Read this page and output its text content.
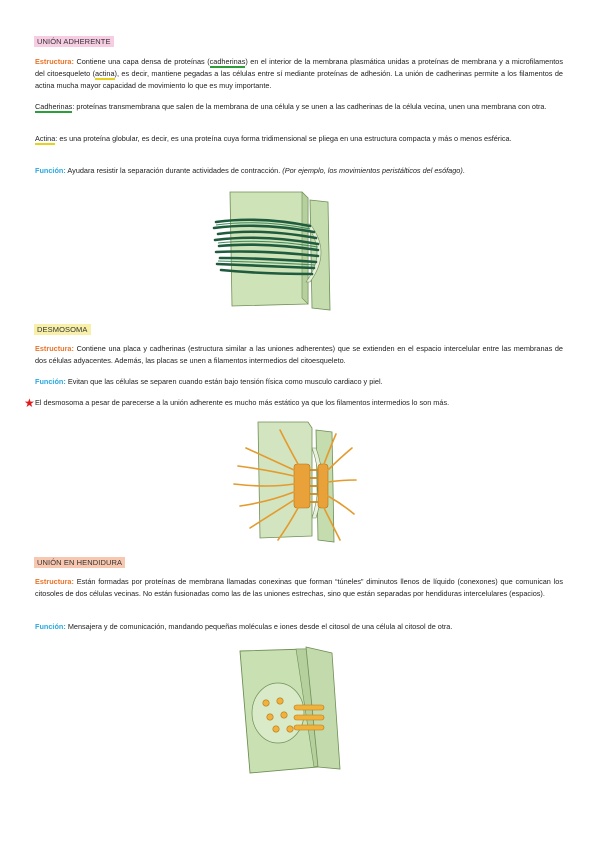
UNIÓN ADHERENTE
Estructura: Contiene una capa densa de proteínas (cadherinas) en el interior de la membrana plasmática unidas a proteínas de membrana y a microfilamentos del citoesqueleto (actina), es decir, mantiene pegadas a las células entre sí mediante proteínas de adhesión. La unión de cadherinas permite a los filamentos de actina mucha mayor capacidad de movimiento lo que es muy importante.
Cadherinas: proteínas transmembrana que salen de la membrana de una célula y se unen a las cadherinas de la célula vecina, unen una membrana con otra.
Actina: es una proteína globular, es decir, es una proteína cuya forma tridimensional se pliega en una estructura compacta y más o menos esférica.
Función: Ayudara resistir la separación durante actividades de contracción. (Por ejemplo, los movimientos peristálticos del esófago).
DESMOSOMA
Estructura: Contiene una placa y cadherinas (estructura similar a las uniones adherentes) que se extienden en el espacio intercelular entre las membranas de dos células adyacentes. Además, las placas se unen a filamentos intermedios del citoesqueleto.
Función: Evitan que las células se separen cuando están bajo tensión física como musculo cardiaco y piel.
★ El desmosoma a pesar de parecerse a la unión adherente es mucho más estático ya que los filamentos intermedios lo son más.
UNIÓN EN HENDIDURA
Estructura: Están formadas por proteínas de membrana llamadas conexinas que forman “túneles” diminutos llenos de líquido (conexones) que comunican los citosoles de dos células vecinas. No están fusionadas como las de las uniones estrechas, sino que están separadas por hendiduras intercelulares (espacios).
Función: Mensajera y de comunicación, mandando pequeñas moléculas e iones desde el citosol de una célula al citosol de otra.
